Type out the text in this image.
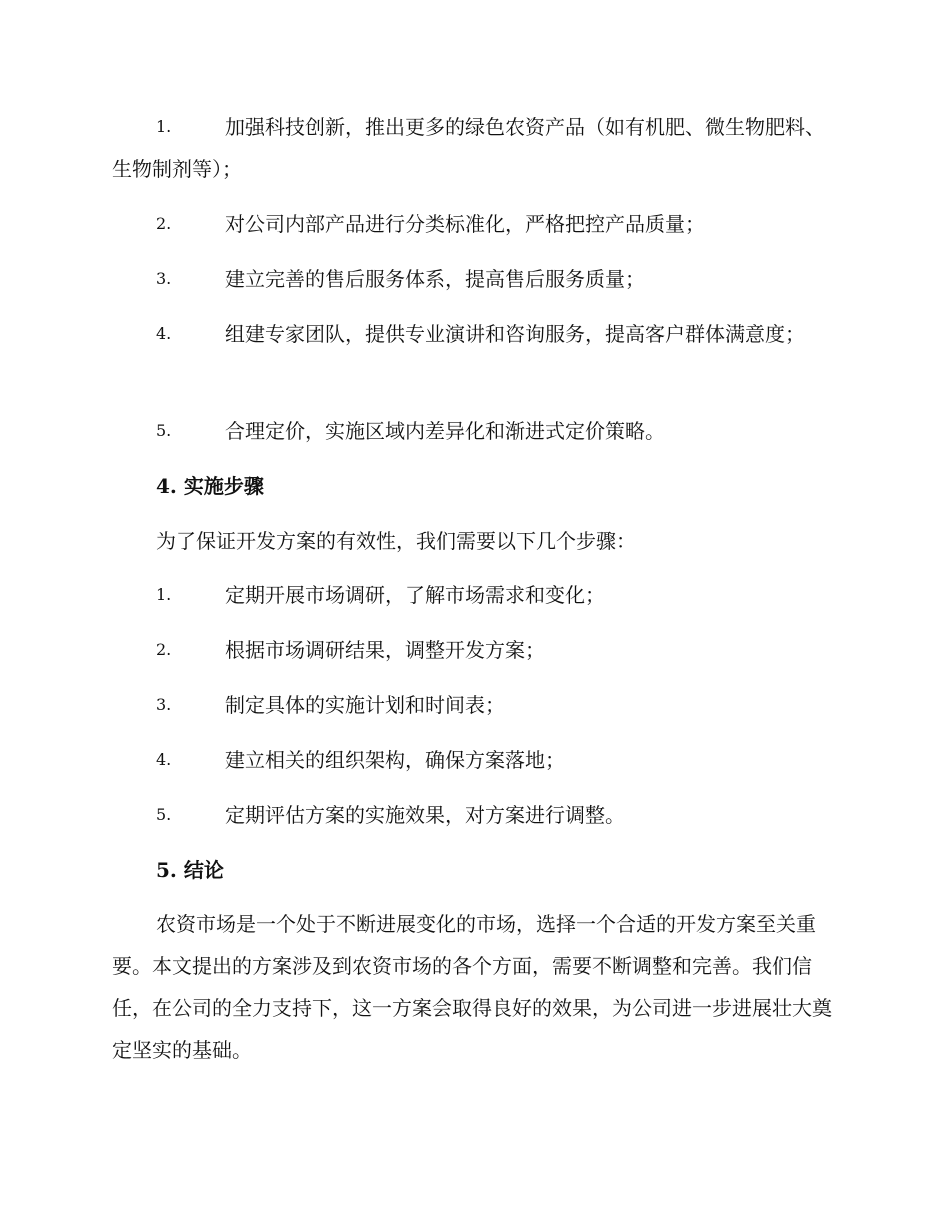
1.	加强科技创新，推出更多的绿色农资产品（如有机肥、微生物肥料、生物制剂等）；
2.	对公司内部产品进行分类标准化，严格把控产品质量；
3.	建立完善的售后服务体系，提高售后服务质量；
4.	组建专家团队，提供专业演讲和咨询服务，提高客户群体满意度；
5.	合理定价，实施区域内差异化和渐进式定价策略。
4. 实施步骤
为了保证开发方案的有效性，我们需要以下几个步骤：
1.	定期开展市场调研，了解市场需求和变化；
2.	根据市场调研结果，调整开发方案；
3.	制定具体的实施计划和时间表；
4.	建立相关的组织架构，确保方案落地；
5.	定期评估方案的实施效果，对方案进行调整。
5. 结论
农资市场是一个处于不断进展变化的市场，选择一个合适的开发方案至关重要。本文提出的方案涉及到农资市场的各个方面，需要不断调整和完善。我们信任，在公司的全力支持下，这一方案会取得良好的效果，为公司进一步进展壮大奠定坚实的基础。
